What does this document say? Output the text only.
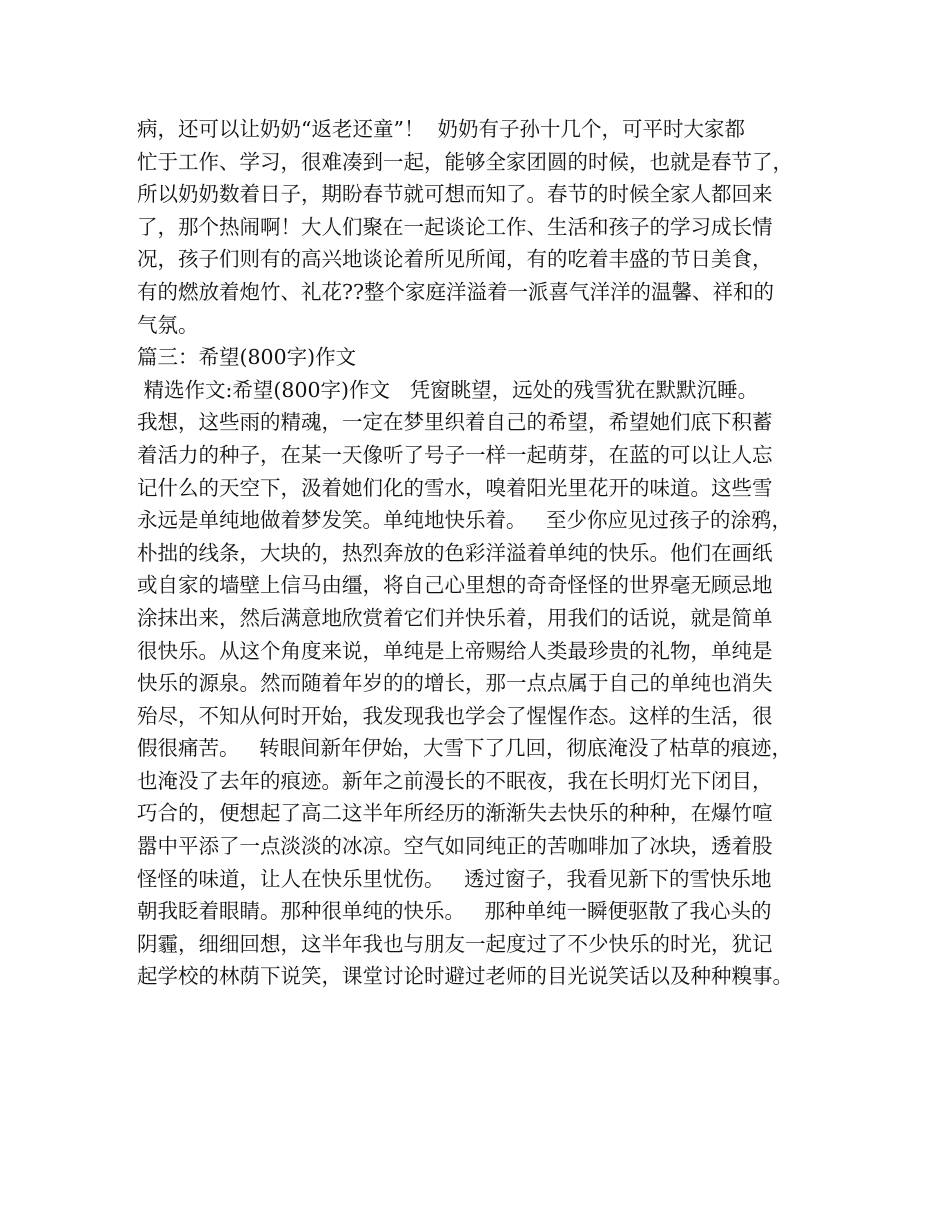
病，还可以让奶奶“返老还童”！  奶奶有子孙十几个，可平时大家都
忙于工作、学习，很难凑到一起，能够全家团圆的时候，也就是春节了，
所以奶奶数着日子，期盼春节就可想而知了。春节的时候全家人都回来
了，那个热闹啊！大人们聚在一起谈论工作、生活和孩子的学习成长情
况，孩子们则有的高兴地谈论着所见所闻，有的吃着丰盛的节日美食，
有的燃放着炮竹、礼花??整个家庭洋溢着一派喜气洋洋的温馨、祥和的
气氛。
篇三：希望(800字)作文
精选作文:希望(800字)作文   凭窗眺望，远处的残雪犹在默默沉睡。
我想，这些雨的精魂，一定在梦里织着自己的希望，希望她们底下积蓄
着活力的种子，在某一天像听了号子一样一起萌芽，在蓝的可以让人忘
记什么的天空下，汲着她们化的雪水，嗅着阳光里花开的味道。这些雪
永远是单纯地做着梦发笑。单纯地快乐着。   至少你应见过孩子的涂鸦，
朴拙的线条，大块的，热烈奔放的色彩洋溢着单纯的快乐。他们在画纸
或自家的墙壁上信马由缰，将自己心里想的奇奇怪怪的世界毫无顾忌地
涂抹出来，然后满意地欣赏着它们并快乐着，用我们的话说，就是简单
很快乐。从这个角度来说，单纯是上帝赐给人类最珍贵的礼物，单纯是
快乐的源泉。然而随着年岁的的增长，那一点点属于自己的单纯也消失
殆尽，不知从何时开始，我发现我也学会了惺惺作态。这样的生活，很
假很痛苦。   转眼间新年伊始，大雪下了几回，彻底淹没了枯草的痕迹，
也淹没了去年的痕迹。新年之前漫长的不眠夜，我在长明灯光下闭目，
巧合的，便想起了高二这半年所经历的渐渐失去快乐的种种，在爆竹喧
嚣中平添了一点淡淡的冰凉。空气如同纯正的苦咖啡加了冰块，透着股
怪怪的味道，让人在快乐里忧伤。   透过窗子，我看见新下的雪快乐地
朝我眨着眼睛。那种很单纯的快乐。   那种单纯一瞬便驱散了我心头的
阴霾，细细回想，这半年我也与朋友一起度过了不少快乐的时光，犹记
起学校的林荫下说笑，课堂讨论时避过老师的目光说笑话以及种种糗事。
